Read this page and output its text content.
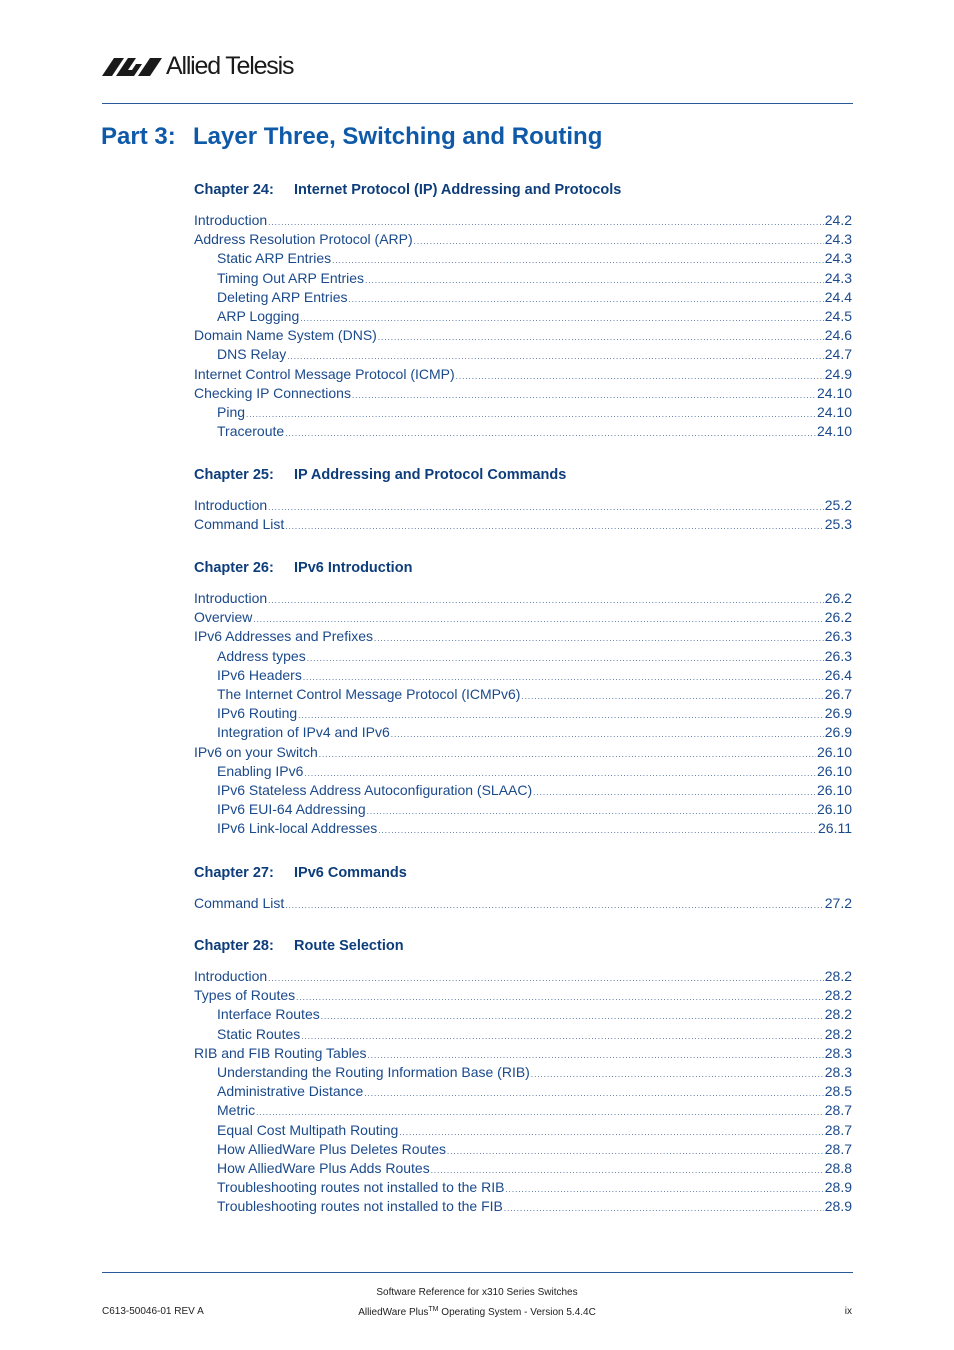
Allied Telesis
Part 3: Layer Three, Switching and Routing
Chapter 24: Internet Protocol (IP) Addressing and Protocols
Introduction .....	24.2
Address Resolution Protocol (ARP) .....	24.3
Static ARP Entries .....	24.3
Timing Out ARP Entries .....	24.3
Deleting ARP Entries .....	24.4
ARP Logging .....	24.5
Domain Name System (DNS) .....	24.6
DNS Relay .....	24.7
Internet Control Message Protocol (ICMP) .....	24.9
Checking IP Connections .....	24.10
Ping .....	24.10
Traceroute .....	24.10
Chapter 25: IP Addressing and Protocol Commands
Introduction .....	25.2
Command List .....	25.3
Chapter 26: IPv6 Introduction
Introduction .....	26.2
Overview .....	26.2
IPv6 Addresses and Prefixes .....	26.3
Address types .....	26.3
IPv6 Headers .....	26.4
The Internet Control Message Protocol (ICMPv6) .....	26.7
IPv6 Routing .....	26.9
Integration of IPv4 and IPv6 .....	26.9
IPv6 on your Switch .....	26.10
Enabling IPv6 .....	26.10
IPv6 Stateless Address Autoconfiguration (SLAAC) .....	26.10
IPv6 EUI-64 Addressing .....	26.10
IPv6 Link-local Addresses .....	26.11
Chapter 27: IPv6 Commands
Command List .....	27.2
Chapter 28: Route Selection
Introduction .....	28.2
Types of Routes .....	28.2
Interface Routes .....	28.2
Static Routes .....	28.2
RIB and FIB Routing Tables .....	28.3
Understanding the Routing Information Base (RIB) .....	28.3
Administrative Distance .....	28.5
Metric .....	28.7
Equal Cost Multipath Routing .....	28.7
How AlliedWare Plus Deletes Routes .....	28.7
How AlliedWare Plus Adds Routes .....	28.8
Troubleshooting routes not installed to the RIB .....	28.9
Troubleshooting routes not installed to the FIB .....	28.9
Software Reference for x310 Series Switches
C613-50046-01 REV A	AlliedWare Plus™ Operating System - Version 5.4.4C	ix
